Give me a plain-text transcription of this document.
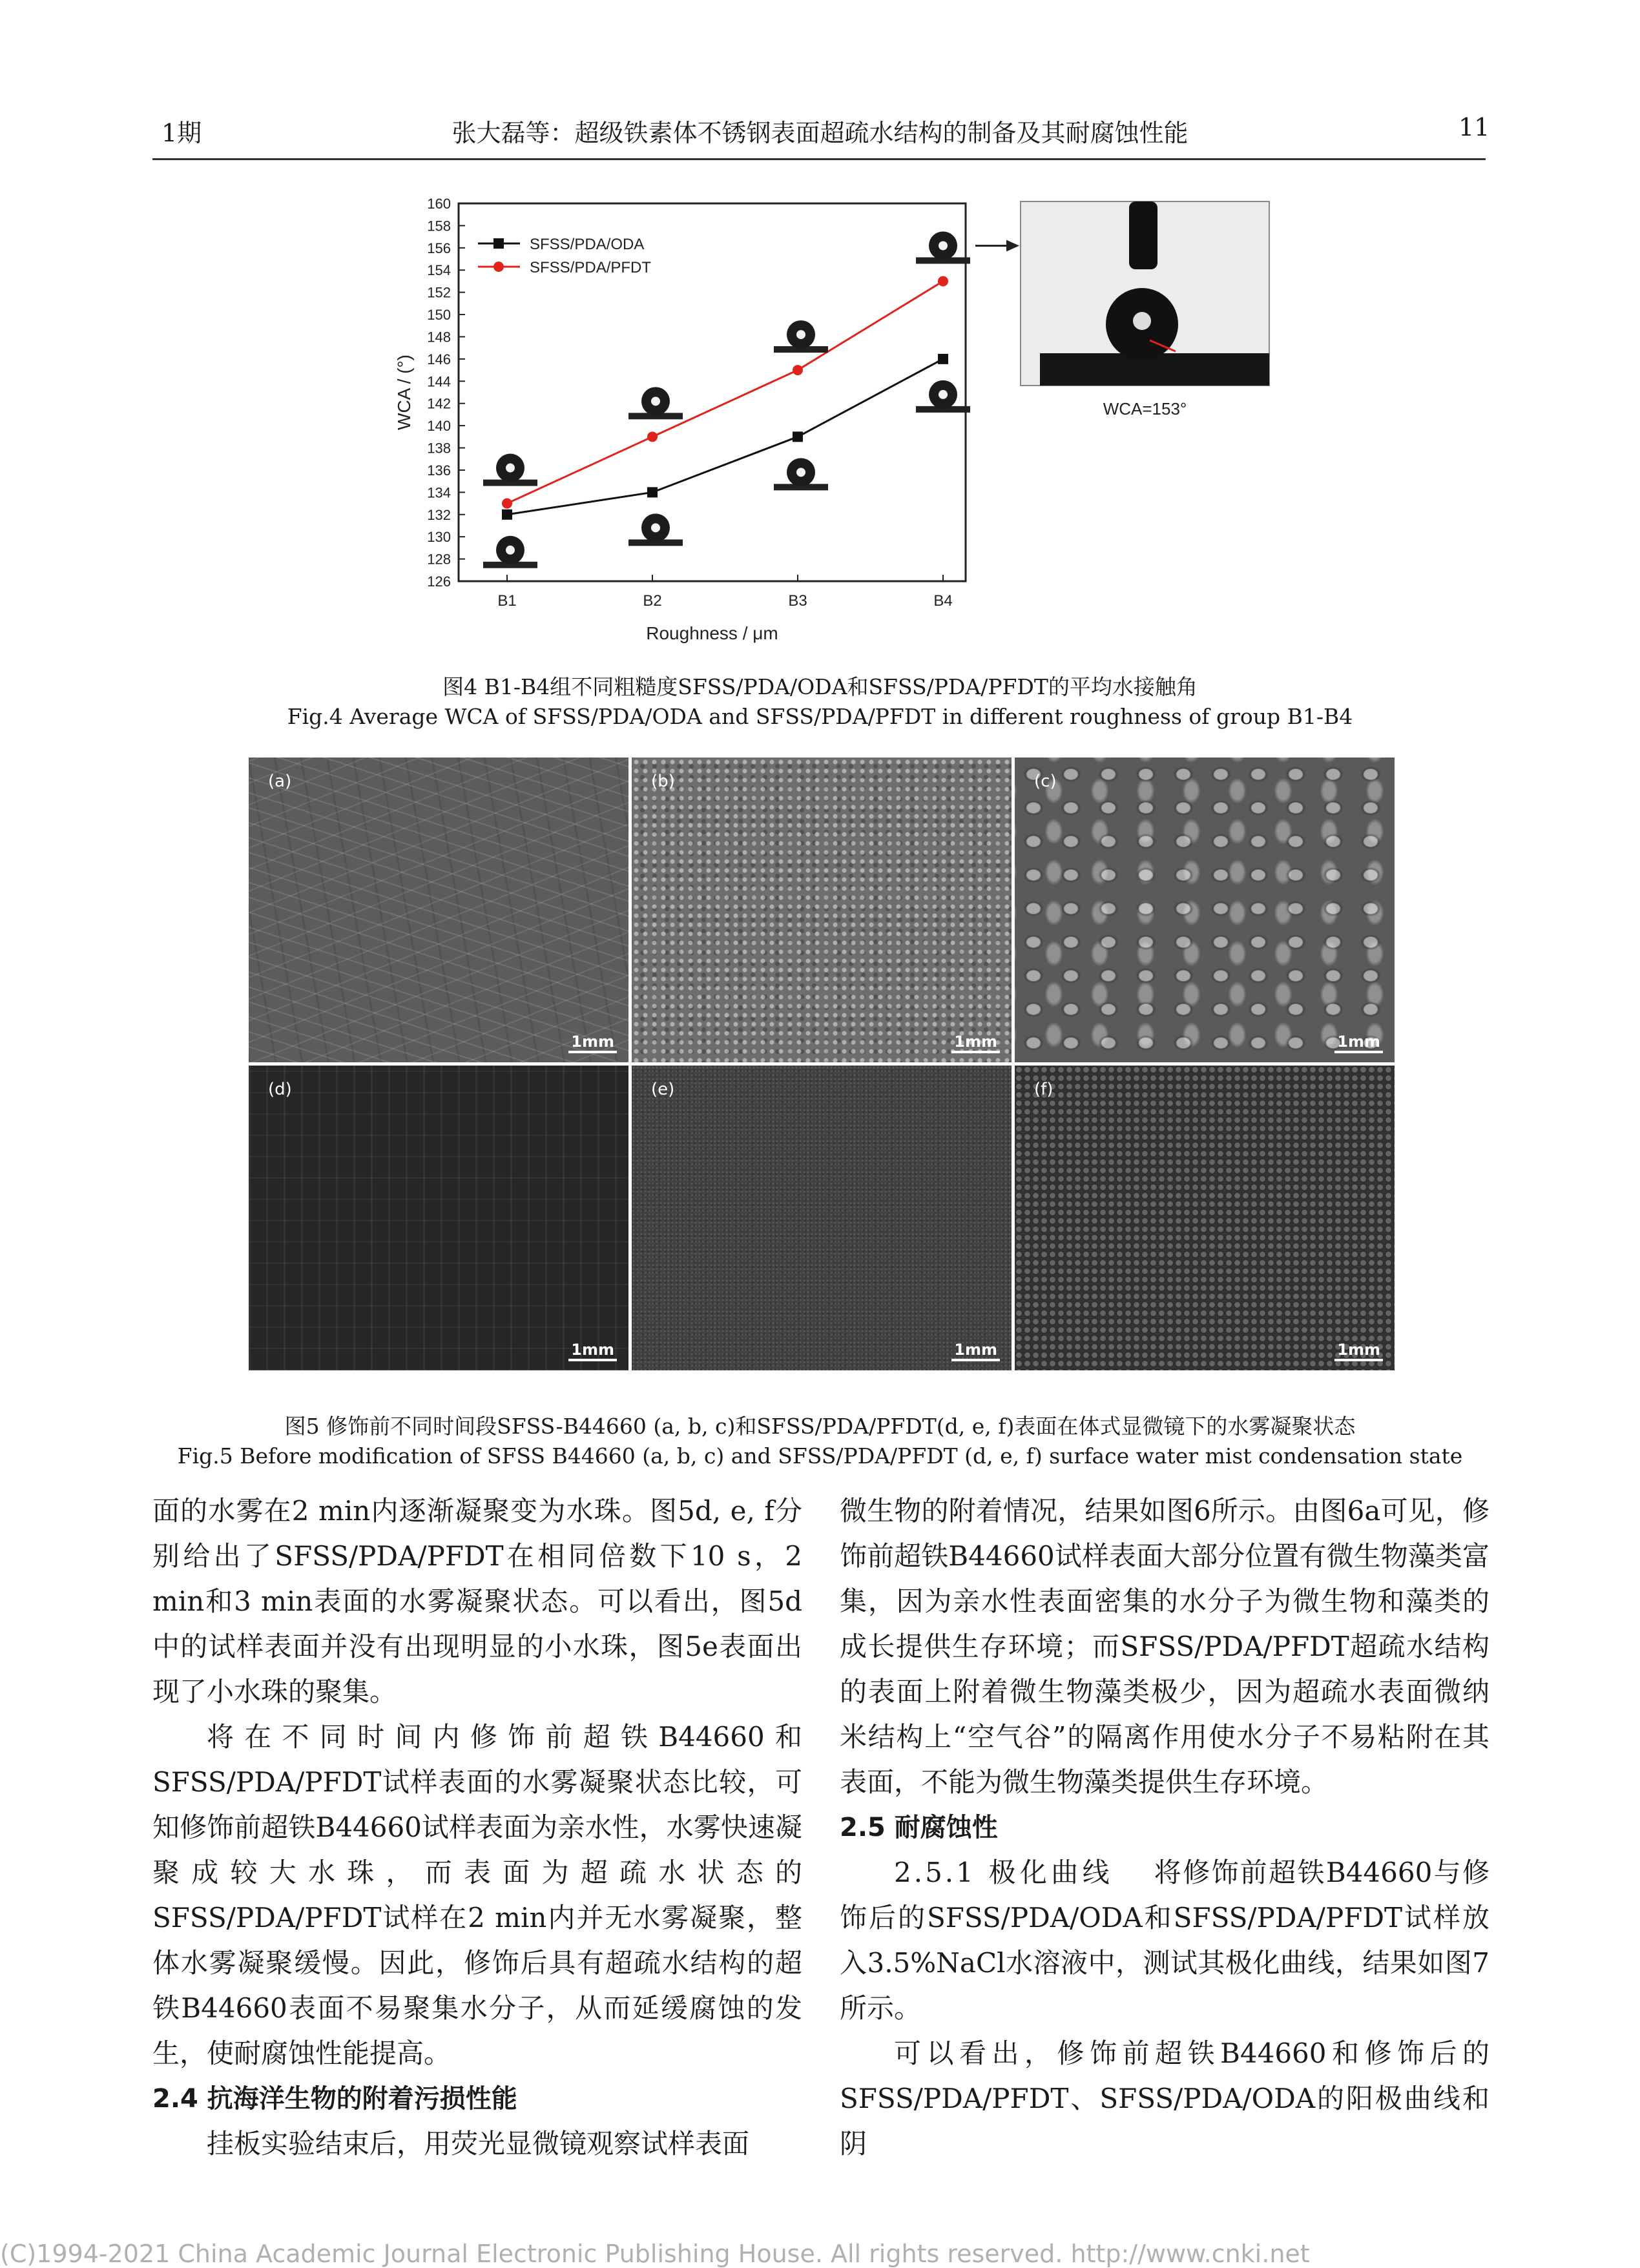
1期	张大磊等：超级铁素体不锈钢表面超疏水结构的制备及其耐腐蚀性能	11
126
128
130
132
134
136
138
140
142
144
146
148
150
152
154
156
158
160
B1	B2	B3	B4
Roughness / μm
WCA / (°)
SFSS/PDA/ODA
SFSS/PDA/PFDT
WCA=153°
图4 B1-B4组不同粗糙度SFSS/PDA/ODA和SFSS/PDA/PFDT的平均水接触角
Fig.4 Average WCA of SFSS/PDA/ODA and SFSS/PDA/PFDT in different roughness of group B1-B4
(a)
1mm
(b)
1mm
(c)
1mm
(d)
1mm
(e)
1mm
(f)
1mm
图5 修饰前不同时间段SFSS-B44660 (a, b, c)和SFSS/PDA/PFDT(d, e, f)表面在体式显微镜下的水雾凝聚状态
Fig.5 Before modification of SFSS B44660 (a, b, c) and SFSS/PDA/PFDT (d, e, f) surface water mist condensation state

面的水雾在2 min内逐渐凝聚变为水珠。图5d, e, f分别给出了SFSS/PDA/PFDT在相同倍数下10 s，2 min和3 min表面的水雾凝聚状态。可以看出，图5d中的试样表面并没有出现明显的小水珠，图5e表面出现了小水珠的聚集。

将在不同时间内修饰前超铁B44660和SFSS/PDA/PFDT试样表面的水雾凝聚状态比较，可知修饰前超铁B44660试样表面为亲水性，水雾快速凝聚成较大水珠，而表面为超疏水状态的SFSS/PDA/PFDT试样在2 min内并无水雾凝聚，整体水雾凝聚缓慢。因此，修饰后具有超疏水结构的超铁B44660表面不易聚集水分子，从而延缓腐蚀的发生，使耐腐蚀性能提高。

2.4 抗海洋生物的附着污损性能

挂板实验结束后，用荧光显微镜观察试样表面

微生物的附着情况，结果如图6所示。由图6a可见，修饰前超铁B44660试样表面大部分位置有微生物藻类富集，因为亲水性表面密集的水分子为微生物和藻类的成长提供生存环境；而SFSS/PDA/PFDT超疏水结构的表面上附着微生物藻类极少，因为超疏水表面微纳米结构上“空气谷”的隔离作用使水分子不易粘附在其表面，不能为微生物藻类提供生存环境。

2.5 耐腐蚀性

2.5.1 极化曲线 将修饰前超铁B44660与修饰后的SFSS/PDA/ODA和SFSS/PDA/PFDT试样放入3.5%NaCl水溶液中，测试其极化曲线，结果如图7所示。

可以看出，修饰前超铁B44660和修饰后的SFSS/PDA/PFDT、SFSS/PDA/ODA的阳极曲线和阴

(C)1994-2021 China Academic Journal Electronic Publishing House. All rights reserved. http://www.cnki.net
